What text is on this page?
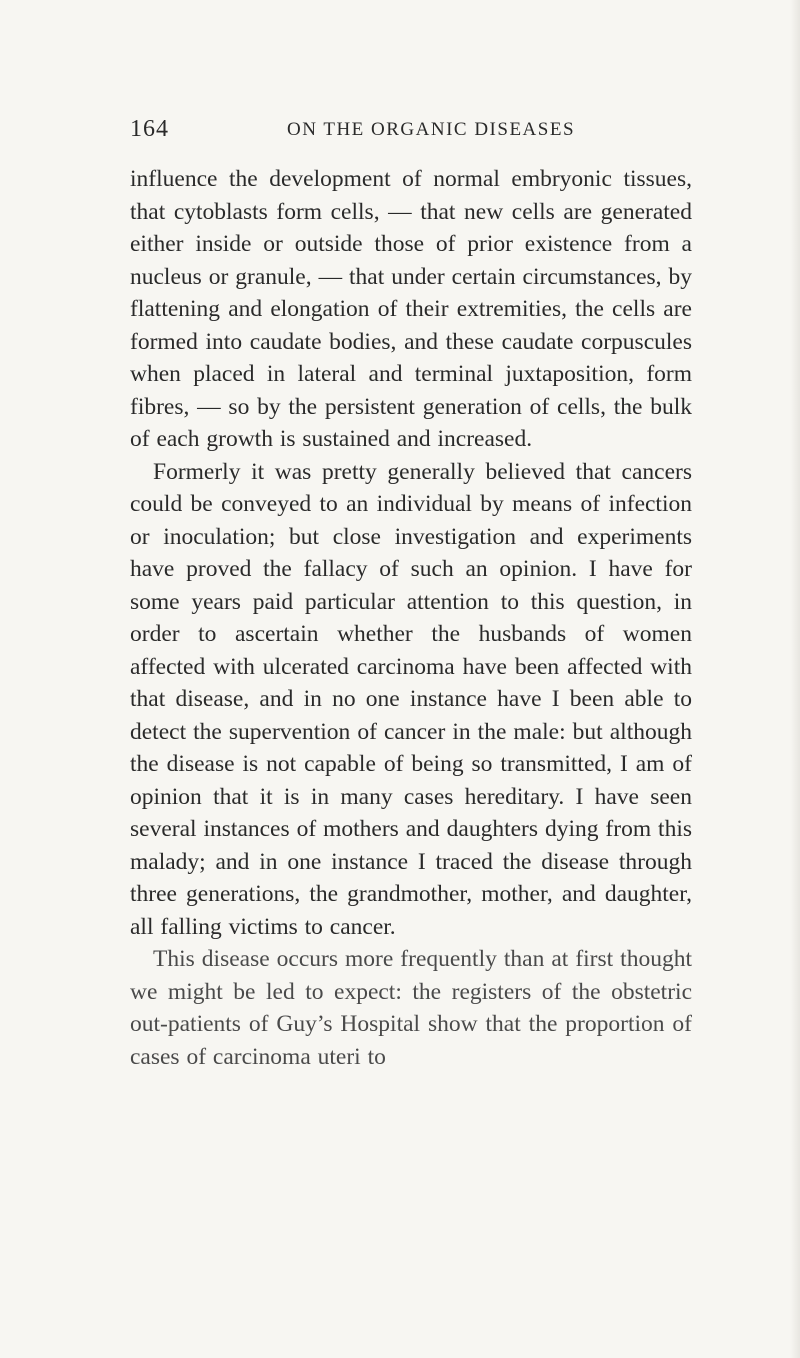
164	ON THE ORGANIC DISEASES

influence the development of normal embryonic tissues, that cytoblasts form cells, — that new cells are generated either inside or outside those of prior existence from a nucleus or granule, — that under certain circumstances, by flattening and elongation of their extremities, the cells are formed into caudate bodies, and these caudate corpuscules when placed in lateral and terminal juxtaposition, form fibres, — so by the persistent generation of cells, the bulk of each growth is sustained and increased.

Formerly it was pretty generally believed that cancers could be conveyed to an individual by means of infection or inoculation; but close investigation and experiments have proved the fallacy of such an opinion. I have for some years paid particular attention to this question, in order to ascertain whether the husbands of women affected with ulcerated carcinoma have been affected with that disease, and in no one instance have I been able to detect the supervention of cancer in the male: but although the disease is not capable of being so transmitted, I am of opinion that it is in many cases hereditary. I have seen several instances of mothers and daughters dying from this malady; and in one instance I traced the disease through three generations, the grandmother, mother, and daughter, all falling victims to cancer.

This disease occurs more frequently than at first thought we might be led to expect: the registers of the obstetric out-patients of Guy’s Hospital show that the proportion of cases of carcinoma uteri to
